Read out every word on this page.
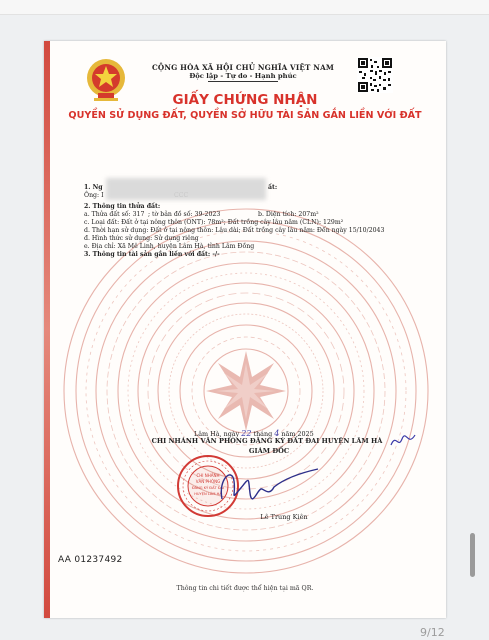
CỘNG HÒA XÃ HỘI CHỦ NGHĨA VIỆT NAM
Độc lập - Tự do - Hạnh phúc
GIẤY CHỨNG NHẬN
QUYỀN SỬ DỤNG ĐẤT, QUYỀN SỞ HỮU TÀI SẢN GẮN LIỀN VỚI ĐẤT
1. Ng	ất:
Ông: I
2. Thông tin thửa đất:
a. Thửa đất số: 317 ; tờ bản đồ số: 39-2023	b. Diện tích: 207m²
c. Loại đất: Đất ở tại nông thôn (ONT): 78m²; Đất trồng cây lâu năm (CLN): 129m²
d. Thời hạn sử dụng: Đất ở tại nông thôn: Lâu dài; Đất trồng cây lâu năm: Đến ngày 15/10/2043
đ. Hình thức sử dụng: Sử dụng riêng
e. Địa chỉ: Xã Mê Linh, huyện Lâm Hà, tỉnh Lâm Đồng
3. Thông tin tài sản gắn liền với đất: -/-
Lâm Hà, ngày 22 tháng 4 năm 2025
CHI NHÁNH VĂN PHÒNG ĐĂNG KÝ ĐẤT ĐAI HUYỆN LÂM HÀ
GIÁM ĐỐC
CHI NHÁNH
VĂN PHÒNG
ĐĂNG KÝ ĐẤT ĐAI
HUYỆN LÂM HÀ
Lê Trung Kiên
AA 01237492
Thông tin chi tiết được thể hiện tại mã QR.
9/12
